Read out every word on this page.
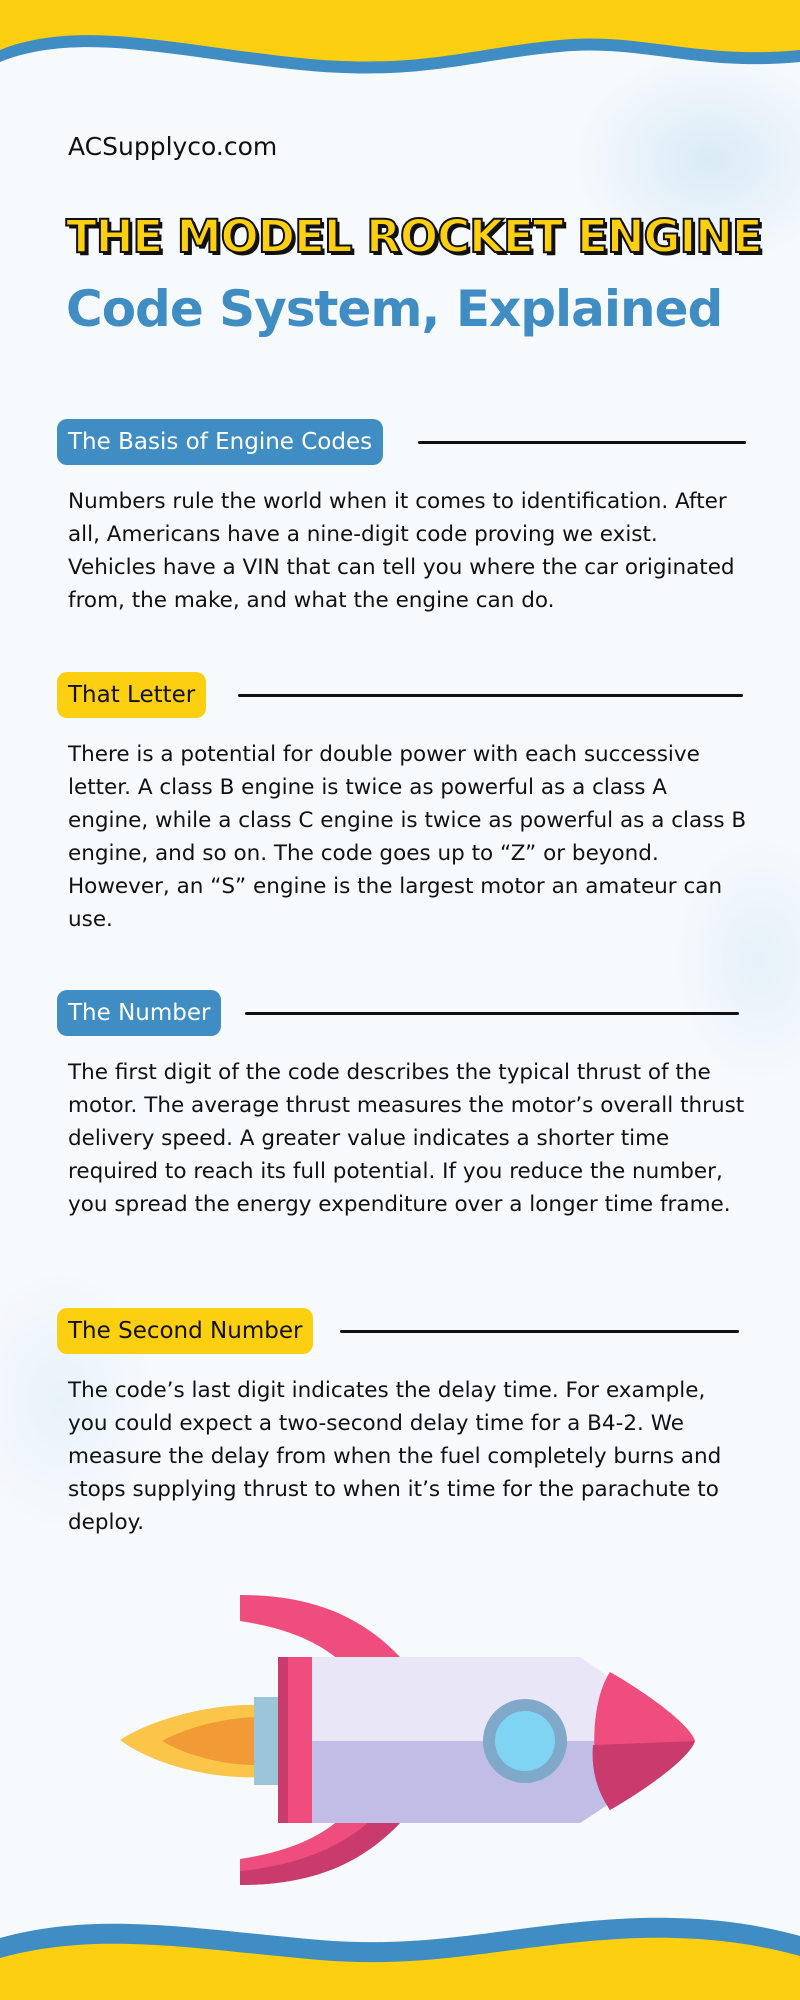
ACSupplyco.com
THE MODEL ROCKET ENGINE
Code System, Explained
The Basis of Engine Codes
Numbers rule the world when it comes to identification. After all, Americans have a nine-digit code proving we exist. Vehicles have a VIN that can tell you where the car originated from, the make, and what the engine can do.
That Letter
There is a potential for double power with each successive letter. A class B engine is twice as powerful as a class A engine, while a class C engine is twice as powerful as a class B engine, and so on. The code goes up to “Z” or beyond. However, an “S” engine is the largest motor an amateur can use.
The Number
The first digit of the code describes the typical thrust of the motor. The average thrust measures the motor’s overall thrust delivery speed. A greater value indicates a shorter time required to reach its full potential. If you reduce the number, you spread the energy expenditure over a longer time frame.
The Second Number
The code’s last digit indicates the delay time. For example, you could expect a two-second delay time for a B4-2. We measure the delay from when the fuel completely burns and stops supplying thrust to when it’s time for the parachute to deploy.
